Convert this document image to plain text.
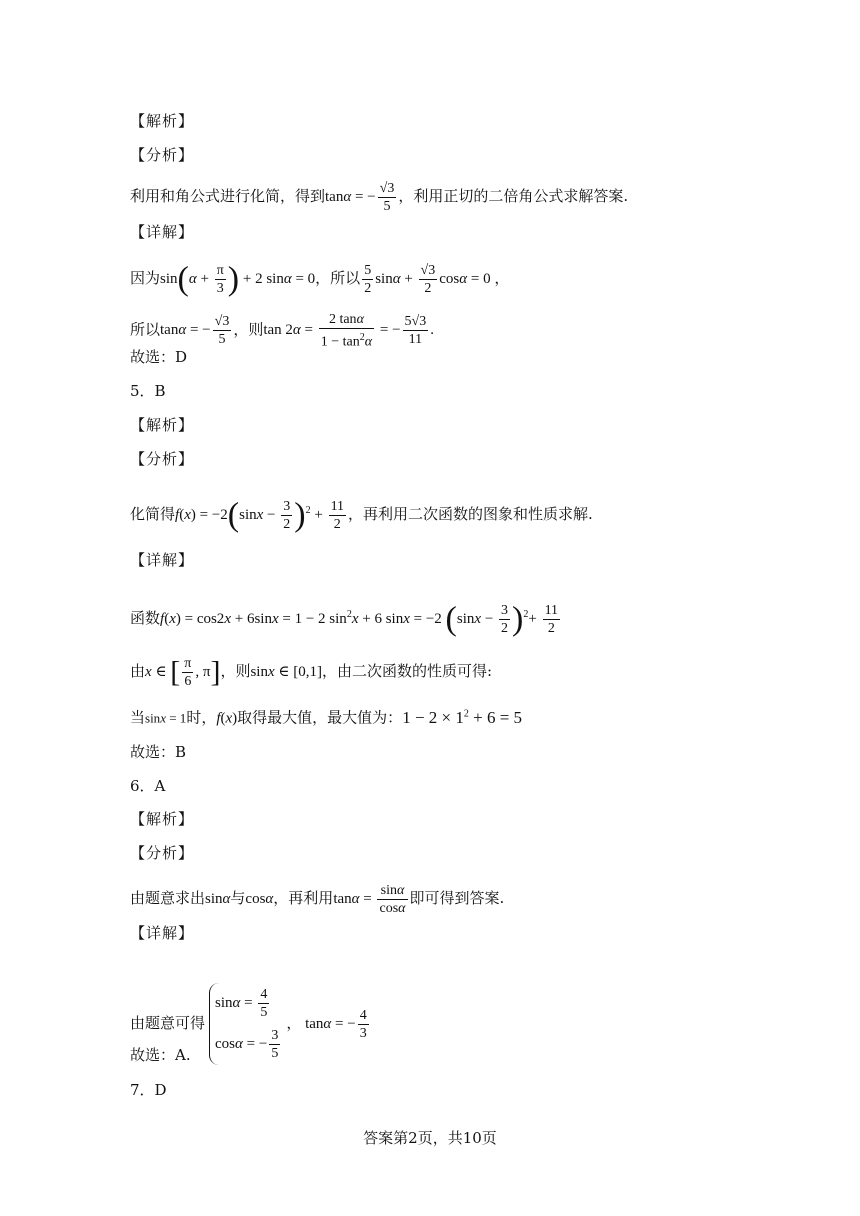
【解析】
【分析】
利用和角公式进行化简，得到tanα = − $\frac{√3}{5}$ ，利用正切的二倍角公式求解答案.
【详解】
因为$\sin(\alpha + \frac{\pi}{3}$ ) + 2 sinα = 0，所以 $\frac{5}{2}$ $\sin\alpha + \frac{√3}{2}$ cosα = 0 ，
所以tanα = − $\frac{√3}{5}$ ，则$\tan 2\alpha = \frac{2 \tan\alpha}{1 - \tan^2\alpha}$ = − $\frac{5√3}{11}$ .
故选：D
5．B
【解析】
【分析】
化简得$f(x) = -2(\sin x - \frac{3}{2} )^2 + \frac{11}{2}$ ，再利用二次函数的图象和性质求解.
【详解】
函数f(x) = cos2x + 6sinx = 1 − 2 $\sin^2x + 6$ sinx = −2 $(\sin x - \frac{3}{2} )^2+ \frac{11}{2}$
由x ∈ [ $\frac{\pi}{6}$ , π]，则sinx ∈ [0,1]，由二次函数的性质可得:
当sinx = 1时，f(x)取得最大值，最大值为：$1 - 2 \times 1^2 + 6 = 5$
故选：B
6．A
【解析】
【分析】
由题意求出sinα与cosα，再利用$\tan\alpha = \frac{\sin\alpha}{\cos\alpha}$ 即可得到答案.
【详解】
由题意可得
$\sin\alpha = \frac{4}{5}$
cosα = − $\frac{3}{5}$
， tanα = − $\frac{4}{3}$
故选：A.
7．D
答案第2页，共10页
